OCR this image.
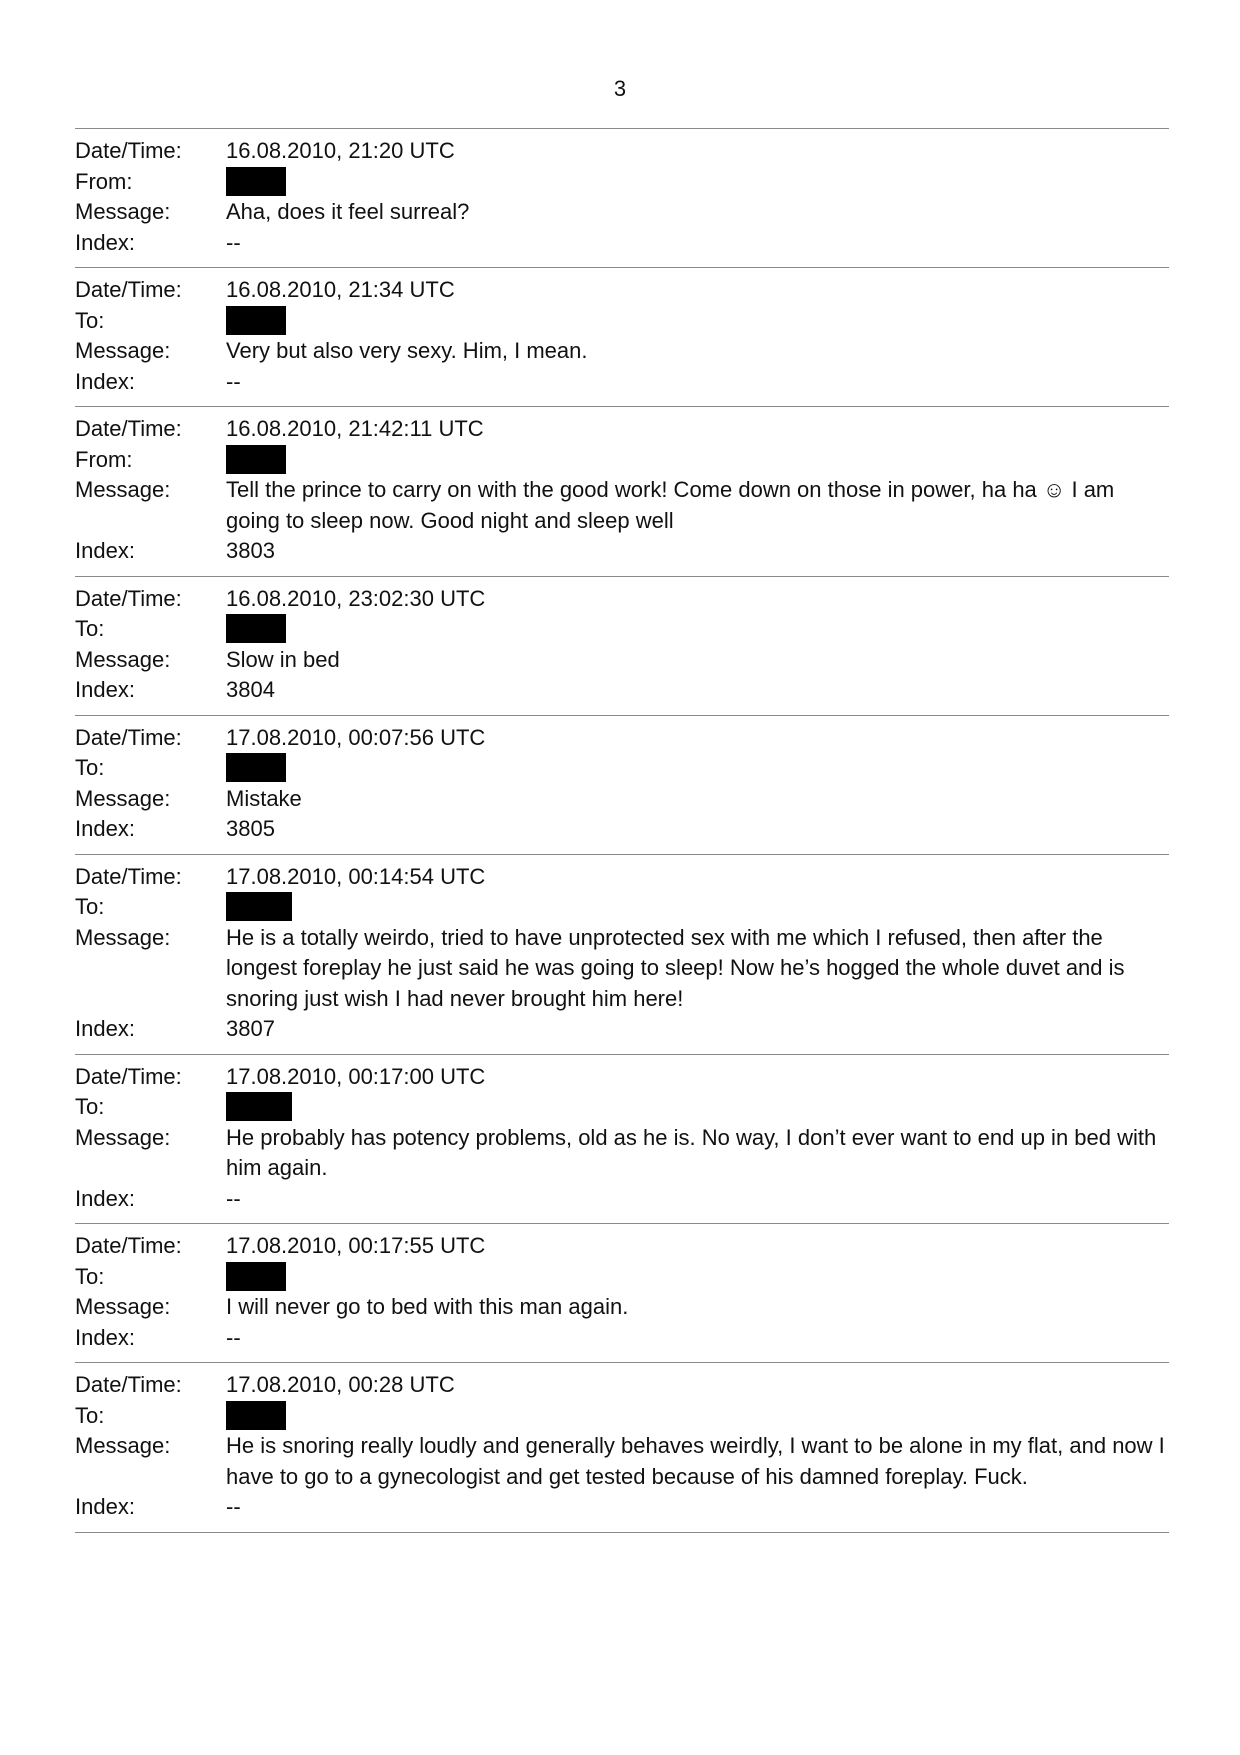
3
Date/Time:	16.08.2010, 21:20 UTC
From:
Message:	Aha, does it feel surreal?
Index:	--
Date/Time:	16.08.2010, 21:34 UTC
To:
Message:	Very but also very sexy. Him, I mean.
Index:	--
Date/Time:	16.08.2010, 21:42:11 UTC
From:
Message:	Tell the prince to carry on with the good work! Come down on those in power, ha ha ☺ I am going to sleep now. Good night and sleep well
Index:	3803
Date/Time:	16.08.2010, 23:02:30 UTC
To:
Message:	Slow in bed
Index:	3804
Date/Time:	17.08.2010, 00:07:56 UTC
To:
Message:	Mistake
Index:	3805
Date/Time:	17.08.2010, 00:14:54 UTC
To:
Message:	He is a totally weirdo, tried to have unprotected sex with me which I refused, then after the longest foreplay he just said he was going to sleep! Now he’s hogged the whole duvet and is snoring just wish I had never brought him here!
Index:	3807
Date/Time:	17.08.2010, 00:17:00 UTC
To:
Message:	He probably has potency problems, old as he is. No way, I don’t ever want to end up in bed with him again.
Index:	--
Date/Time:	17.08.2010, 00:17:55 UTC
To:
Message:	I will never go to bed with this man again.
Index:	--
Date/Time:	17.08.2010, 00:28 UTC
To:
Message:	He is snoring really loudly and generally behaves weirdly, I want to be alone in my flat, and now I have to go to a gynecologist and get tested because of his damned foreplay. Fuck.
Index:	--
